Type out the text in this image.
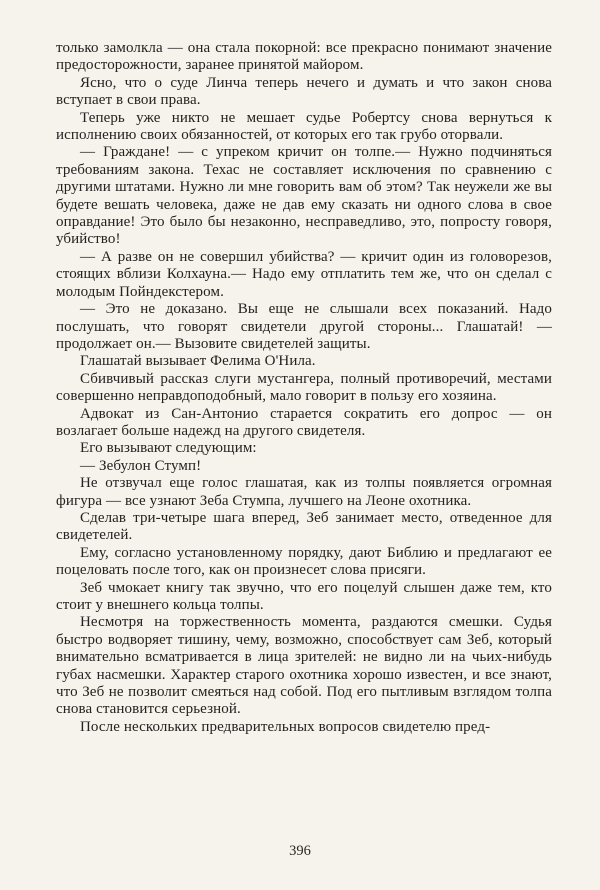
только замолкла — она стала покорной: все прекрасно понимают значение предосторожности, заранее принятой майором.

Ясно, что о суде Линча теперь нечего и думать и что закон снова вступает в свои права.

Теперь уже никто не мешает судье Робертсу снова вернуться к исполнению своих обязанностей, от которых его так грубо оторвали.

— Граждане! — с упреком кричит он толпе.— Нужно подчиняться требованиям закона. Техас не составляет исключения по сравнению с другими штатами. Нужно ли мне говорить вам об этом? Так неужели же вы будете вешать человека, даже не дав ему сказать ни одного слова в свое оправдание! Это было бы незаконно, несправедливо, это, попросту говоря, убийство!

— А разве он не совершил убийства? — кричит один из головорезов, стоящих вблизи Колхауна.— Надо ему отплатить тем же, что он сделал с молодым Пойндекстером.

— Это не доказано. Вы еще не слышали всех показаний. Надо послушать, что говорят свидетели другой стороны... Глашатай! — продолжает он.— Вызовите свидетелей защиты.

Глашатай вызывает Фелима О'Нила.

Сбивчивый рассказ слуги мустангера, полный противоречий, местами совершенно неправдоподобный, мало говорит в пользу его хозяина.

Адвокат из Сан-Антонио старается сократить его допрос — он возлагает больше надежд на другого свидетеля.

Его вызывают следующим:

— Зебулон Стумп!

Не отзвучал еще голос глашатая, как из толпы появляется огромная фигура — все узнают Зеба Стумпа, лучшего на Леоне охотника.

Сделав три-четыре шага вперед, Зеб занимает место, отведенное для свидетелей.

Ему, согласно установленному порядку, дают Библию и предлагают ее поцеловать после того, как он произнесет слова присяги.

Зеб чмокает книгу так звучно, что его поцелуй слышен даже тем, кто стоит у внешнего кольца толпы.

Несмотря на торжественность момента, раздаются смешки. Судья быстро водворяет тишину, чему, возможно, способствует сам Зеб, который внимательно всматривается в лица зрителей: не видно ли на чьих-нибудь губах насмешки. Характер старого охотника хорошо известен, и все знают, что Зеб не позволит смеяться над собой. Под его пытливым взглядом толпа снова становится серьезной.

После нескольких предварительных вопросов свидетелю пред-

396
